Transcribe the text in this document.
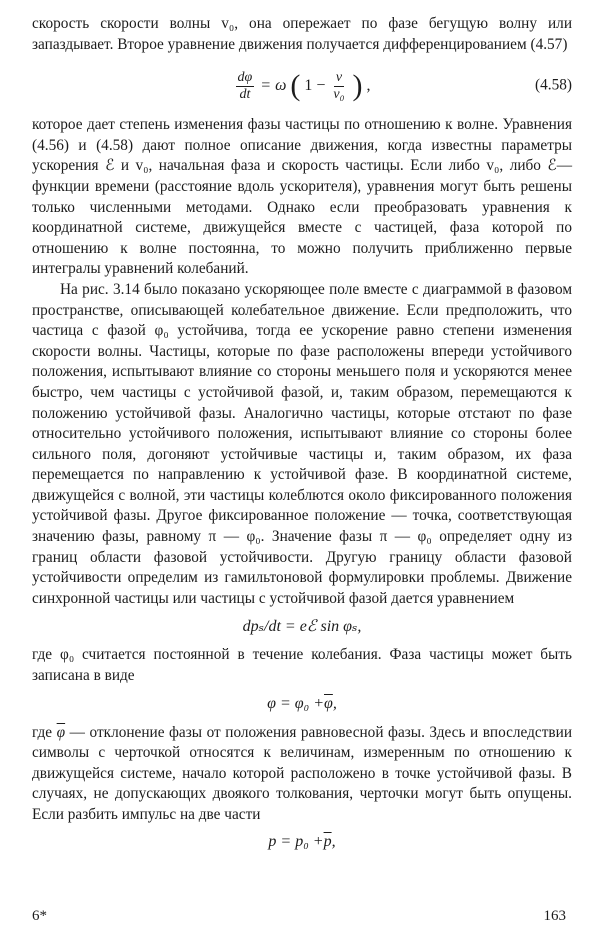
скорость скорости волны v₀, она опережает по фазе бегущую волну или запаздывает. Второе уравнение движения получается дифференцированием (4.57)

$\frac{d\varphi}{dt} = \omega$ ( $1 - \frac{v}{\text{v₀}}$ ) ,	(4.58)

которое дает степень изменения фазы частицы по отношению к волне. Уравнения (4.56) и (4.58) дают полное описание движения, когда известны параметры ускорения ℰ и v₀, начальная фаза и скорость частицы. Если либо v₀, либо ℰ—функции времени (расстояние вдоль ускорителя), уравнения могут быть решены только численными методами. Однако если преобразовать уравнения к координатной системе, движущейся вместе с частицей, фаза которой по отношению к волне постоянна, то можно получить приближенно первые интегралы уравнений колебаний.

На рис. 3.14 было показано ускоряющее поле вместе с диаграммой в фазовом пространстве, описывающей колебательное движение. Если предположить, что частица с фазой φ₀ устойчива, тогда ее ускорение равно степени изменения скорости волны. Частицы, которые по фазе расположены впереди устойчивого положения, испытывают влияние со стороны меньшего поля и ускоряются менее быстро, чем частицы с устойчивой фазой, и, таким образом, перемещаются к положению устойчивой фазы. Аналогично частицы, которые отстают по фазе относительно устойчивого положения, испытывают влияние со стороны более сильного поля, догоняют устойчивые частицы и, таким образом, их фаза перемещается по направлению к устойчивой фазе. В координатной системе, движущейся с волной, эти частицы колеблются около фиксированного положения устойчивой фазы. Другое фиксированное положение — точка, соответствующая значению фазы, равному π — φ₀. Значение фазы π — φ₀ определяет одну из границ области фазовой устойчивости. Другую границу области фазовой устойчивости определим из гамильтоновой формулировки проблемы. Движение синхронной частицы или частицы с устойчивой фазой дается уравнением

dpₛ/dt = eℰ sin φₛ,

где φ₀ считается постоянной в течение колебания. Фаза частицы может быть записана в виде

$\varphi = \varphi_0 + \overline{\varphi}$ ,

где $\overline{\varphi}$ — отклонение фазы от положения равновесной фазы. Здесь и впоследствии символы с черточкой относятся к величинам, измеренным по отношению к движущейся системе, начало которой расположено в точке устойчивой фазы. В случаях, не допускающих двоякого толкования, черточки могут быть опущены. Если разбить импульс на две части

$p = p_0 + \overline{p}$ ,
6*	163
